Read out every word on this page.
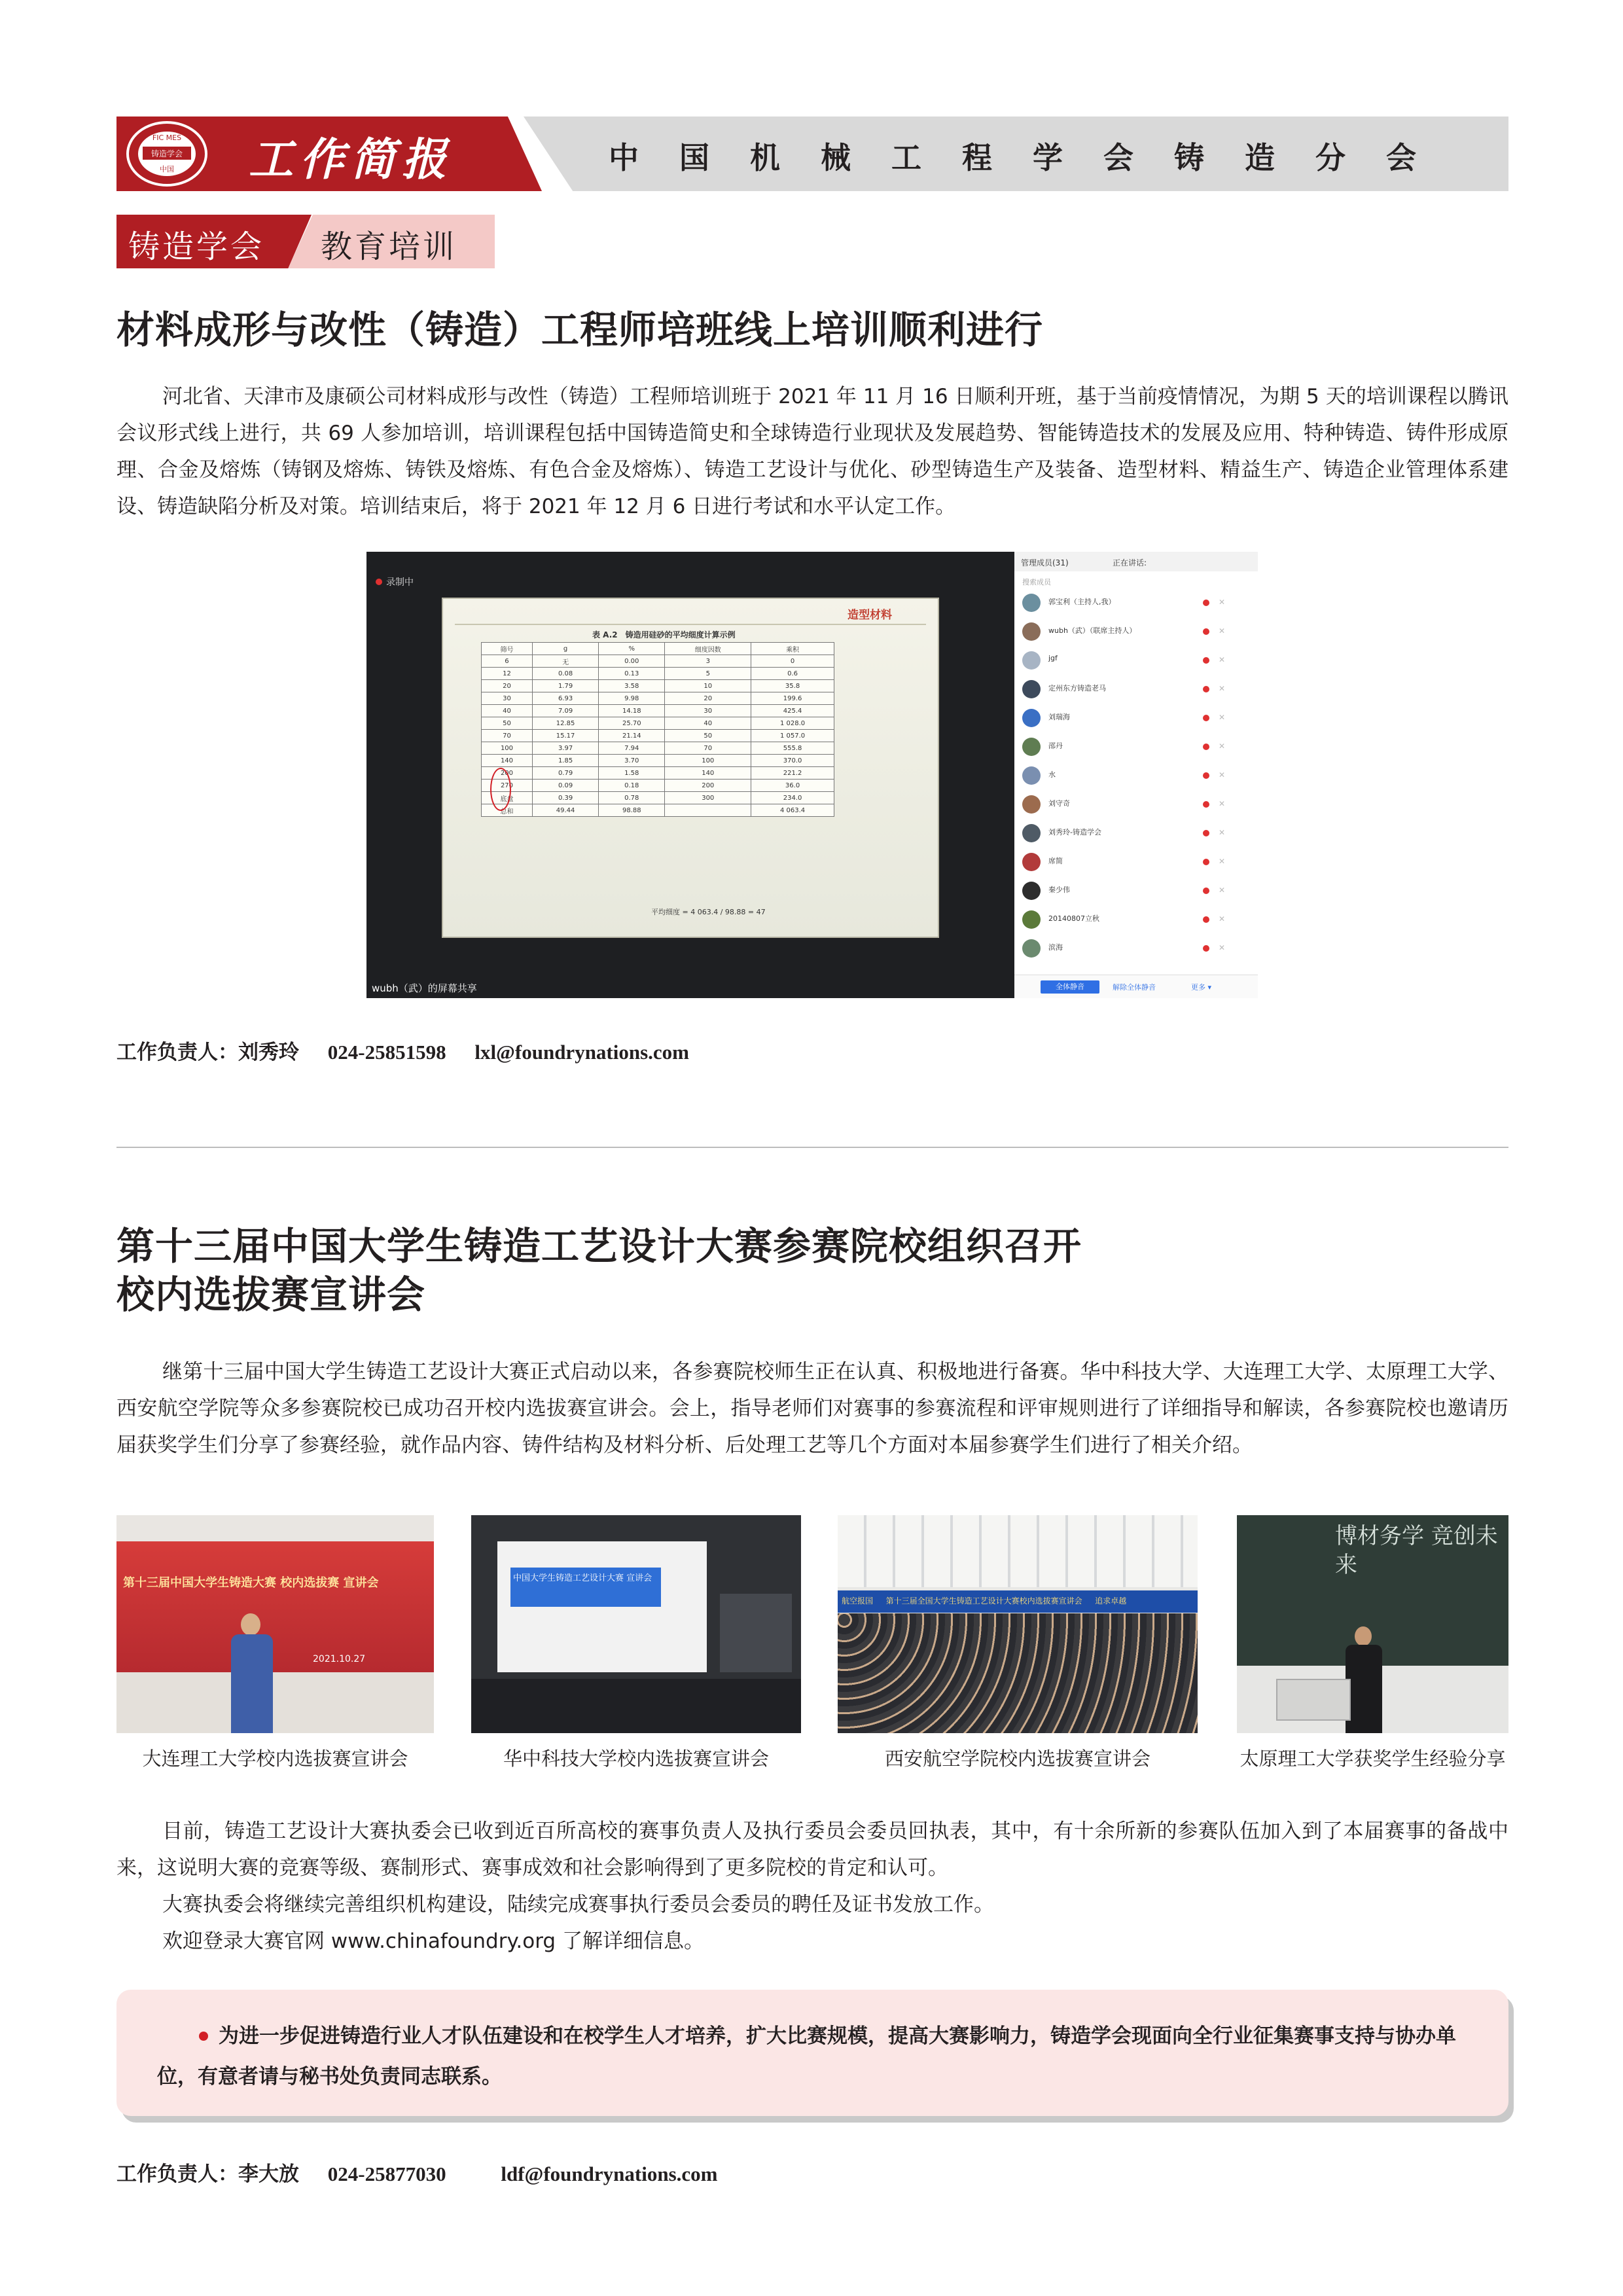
铸造学会
FIC MES
中国 工作简报	中国机械工程学会铸造分会
铸造学会 教育培训
材料成形与改性（铸造）工程师培班线上培训顺利进行
河北省、天津市及康硕公司材料成形与改性（铸造）工程师培训班于 2021 年 11 月 16 日顺利开班，基于当前疫情情况，为期 5 天的培训课程以腾讯会议形式线上进行，共 69 人参加培训，培训课程包括中国铸造简史和全球铸造行业现状及发展趋势、智能铸造技术的发展及应用、特种铸造、铸件形成原理、合金及熔炼（铸钢及熔炼、铸铁及熔炼、有色合金及熔炼）、铸造工艺设计与优化、砂型铸造生产及装备、造型材料、精益生产、铸造企业管理体系建设、铸造缺陷分析及对策。培训结束后，将于 2021 年 12 月 6 日进行考试和水平认定工作。
录制中
造型材料
表 A.2　铸造用硅砂的平均细度计算示例
筛号	g	%	细度因数	乘积
6	无	0.00	3	0
12	0.08	0.13	5	0.6
20	1.79	3.58	10	35.8
30	6.93	9.98	20	199.6
40	7.09	14.18	30	425.4
50	12.85	25.70	40	1 028.0
70	15.17	21.14	50	1 057.0
100	3.97	7.94	70	555.8
140	1.85	3.70	100	370.0
200	0.79	1.58	140	221.2
270	0.09	0.18	200	36.0
底盘	0.39	0.78	300	234.0
总和	49.44	98.88		4 063.4
平均细度 = 4 063.4 / 98.88 = 47
wubh（武）的屏幕共享
管理成员(31)	正在讲话:
搜索成员
郭宝利（主持人,我）	✕
wubh（武）（联席主持人）	✕
jgf	✕
定州东方铸造老马	✕
刘瑞海	✕
邵丹	✕
水	✕
刘守奇	✕
刘秀玲-铸造学会	✕
席简	✕
秦少伟	✕
20140807立秋	✕
滨海	✕
全体静音	解除全体静音	更多 ▾
工作负责人：刘秀玲 024-25851598 lxl@foundrynations.com
第十三届中国大学生铸造工艺设计大赛参赛院校组织召开
校内选拔赛宣讲会
继第十三届中国大学生铸造工艺设计大赛正式启动以来，各参赛院校师生正在认真、积极地进行备赛。华中科技大学、大连理工大学、太原理工大学、西安航空学院等众多参赛院校已成功召开校内选拔赛宣讲会。会上，指导老师们对赛事的参赛流程和评审规则进行了详细指导和解读，各参赛院校也邀请历届获奖学生们分享了参赛经验，就作品内容、铸件结构及材料分析、后处理工艺等几个方面对本届参赛学生们进行了相关介绍。
第十三届中国大学生铸造大赛 校内选拔赛 宣讲会
2021.10.27
大连理工大学校内选拔赛宣讲会
中国大学生铸造工艺设计大赛 宣讲会
华中科技大学校内选拔赛宣讲会
航空报国 　 第十三届全国大学生铸造工艺设计大赛校内选拔赛宣讲会 　 追求卓越
西安航空学院校内选拔赛宣讲会
博材务学 竞创未来
太原理工大学获奖学生经验分享
目前，铸造工艺设计大赛执委会已收到近百所高校的赛事负责人及执行委员会委员回执表，其中，有十余所新的参赛队伍加入到了本届赛事的备战中来，这说明大赛的竞赛等级、赛制形式、赛事成效和社会影响得到了更多院校的肯定和认可。
大赛执委会将继续完善组织机构建设，陆续完成赛事执行委员会委员的聘任及证书发放工作。
欢迎登录大赛官网 www.chinafoundry.org 了解详细信息。
为进一步促进铸造行业人才队伍建设和在校学生人才培养，扩大比赛规模，提高大赛影响力，铸造学会现面向全行业征集赛事支持与协办单位，有意者请与秘书处负责同志联系。
工作负责人：李大放 024-25877030	ldf@foundrynations.com
